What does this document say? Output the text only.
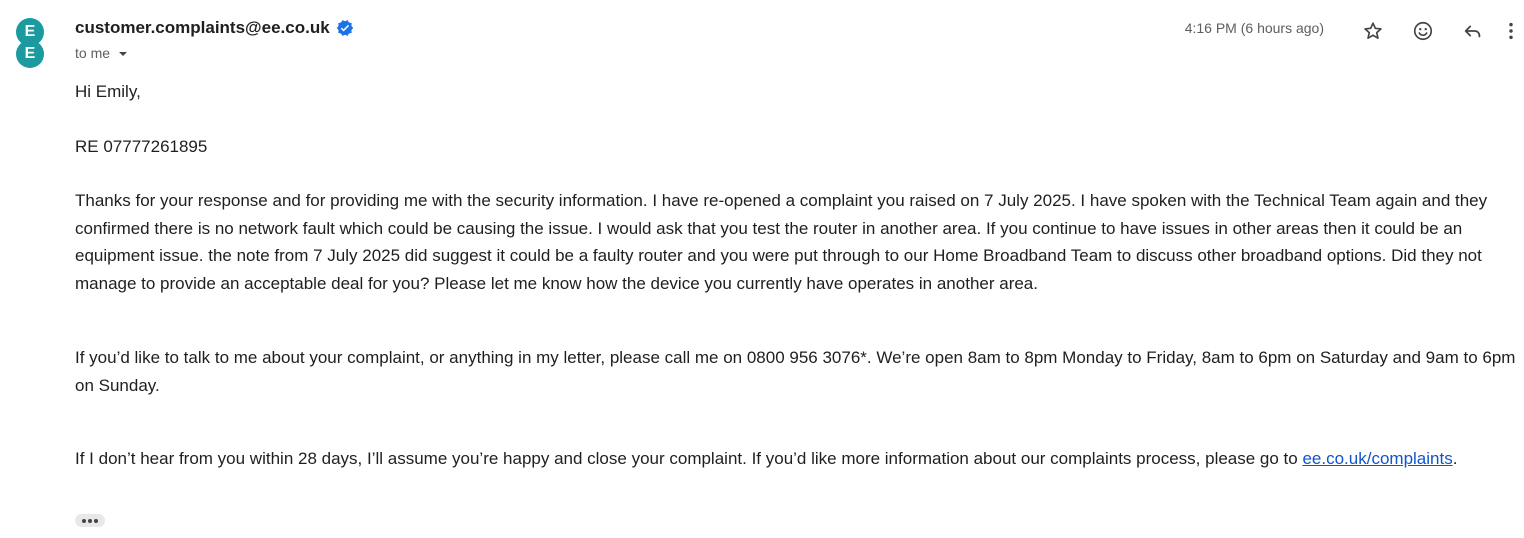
E
E
customer.complaints@ee.co.uk
to me
4:16 PM (6 hours ago)

Hi Emily,

RE 07777261895

Thanks for your response and for providing me with the security information. I have re-opened a complaint you raised on 7 July 2025. I have spoken with the Technical Team again and they confirmed there is no network fault which could be causing the issue. I would ask that you test the router in another area. If you continue to have issues in other areas then it could be an equipment issue. the note from 7 July 2025 did suggest it could be a faulty router and you were put through to our Home Broadband Team to discuss other broadband options. Did they not manage to provide an acceptable deal for you? Please let me know how the device you currently have operates in another area.

If you’d like to talk to me about your complaint, or anything in my letter, please call me on 0800 956 3076*. We’re open 8am to 8pm Monday to Friday, 8am to 6pm on Saturday and 9am to 6pm on Sunday.

If I don’t hear from you within 28 days, I’ll assume you’re happy and close your complaint. If you’d like more information about our complaints process, please go to ee.co.uk/complaints.
